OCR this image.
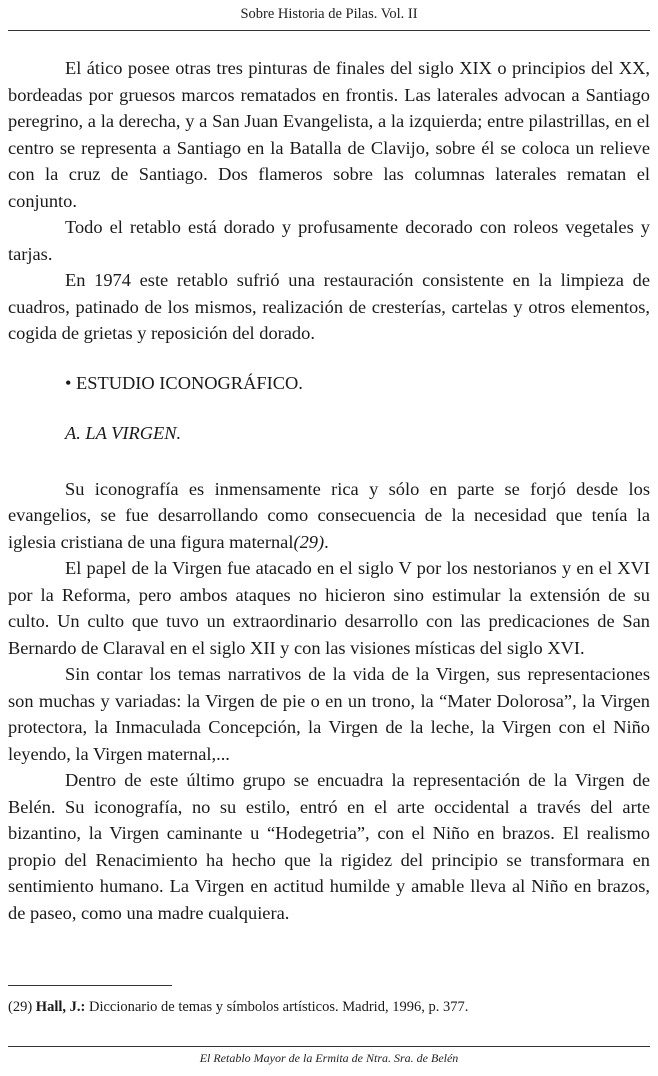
Sobre Historia de Pilas. Vol. II

El ático posee otras tres pinturas de finales del siglo XIX o principios del XX, bordeadas por gruesos marcos rematados en frontis. Las laterales advocan a Santiago peregrino, a la derecha, y a San Juan Evangelista, a la izquierda; entre pilastrillas, en el centro se representa a Santiago en la Batalla de Clavijo, sobre él se coloca un relieve con la cruz de Santiago. Dos flameros sobre las columnas laterales rematan el conjunto.

Todo el retablo está dorado y profusamente decorado con roleos vegetales y tarjas.

En 1974 este retablo sufrió una restauración consistente en la limpieza de cuadros, patinado de los mismos, realización de cresterías, cartelas y otros elementos, cogida de grietas y reposición del dorado.

• ESTUDIO ICONOGRÁFICO.

A. LA VIRGEN.

Su iconografía es inmensamente rica y sólo en parte se forjó desde los evangelios, se fue desarrollando como consecuencia de la necesidad que tenía la iglesia cristiana de una figura maternal(29).

El papel de la Virgen fue atacado en el siglo V por los nestorianos y en el XVI por la Reforma, pero ambos ataques no hicieron sino estimular la extensión de su culto. Un culto que tuvo un extraordinario desarrollo con las predicaciones de San Bernardo de Claraval en el siglo XII y con las visiones místicas del siglo XVI.

Sin contar los temas narrativos de la vida de la Virgen, sus representaciones son muchas y variadas: la Virgen de pie o en un trono, la “Mater Dolorosa”, la Virgen protectora, la Inmaculada Concepción, la Virgen de la leche, la Virgen con el Niño leyendo, la Virgen maternal,...

Dentro de este último grupo se encuadra la representación de la Virgen de Belén. Su iconografía, no su estilo, entró en el arte occidental a través del arte bizantino, la Virgen caminante u “Hodegetria”, con el Niño en brazos. El realismo propio del Renacimiento ha hecho que la rigidez del principio se transformara en sentimiento humano. La Virgen en actitud humilde y amable lleva al Niño en brazos, de paseo, como una madre cualquiera.

(29) Hall, J.: Diccionario de temas y símbolos artísticos. Madrid, 1996, p. 377.
El Retablo Mayor de la Ermita de Ntra. Sra. de Belén
